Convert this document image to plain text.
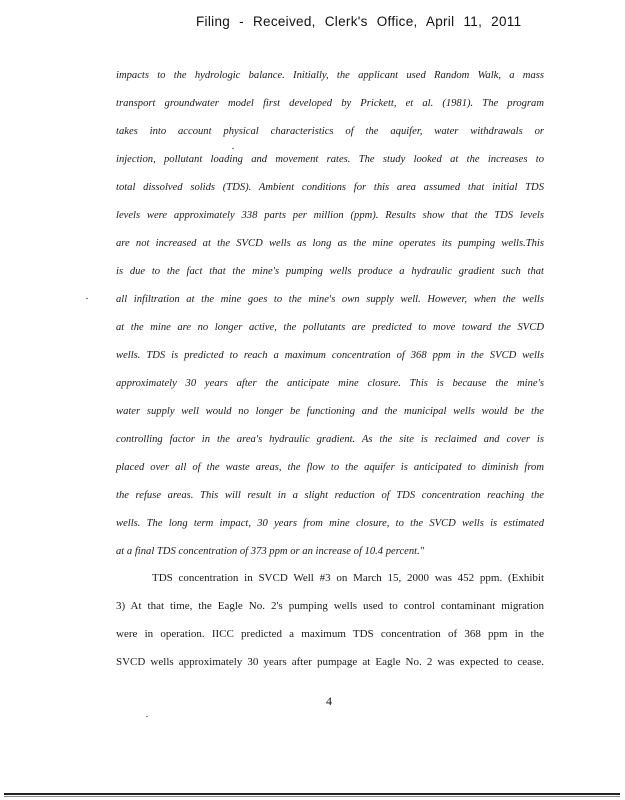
Filing - Received, Clerk's Office, April 11, 2011
impacts to the hydrologic balance. Initially, the applicant used Random Walk, a mass
transport groundwater model first developed by Prickett, et al. (1981). The program
takes into account physical characteristics of the aquifer, water withdrawals or
injection, pollutant loading and movement rates. The study looked at the increases to
total dissolved solids (TDS). Ambient conditions for this area assumed that initial TDS
levels were approximately 338 parts per million (ppm). Results show that the TDS levels
are not increased at the SVCD wells as long as the mine operates its pumping wells.This
is due to the fact that the mine's pumping wells produce a hydraulic gradient such that
all infiltration at the mine goes to the mine's own supply well. However, when the wells
at the mine are no longer active, the pollutants are predicted to move toward the SVCD
wells. TDS is predicted to reach a maximum concentration of 368 ppm in the SVCD wells
approximately 30 years after the anticipate mine closure. This is because the mine's
water supply well would no longer be functioning and the municipal wells would be the
controlling factor in the area's hydraulic gradient. As the site is reclaimed and cover is
placed over all of the waste areas, the flow to the aquifer is anticipated to diminish from
the refuse areas. This will result in a slight reduction of TDS concentration reaching the
wells. The long term impact, 30 years from mine closure, to the SVCD wells is estimated
at a final TDS concentration of 373 ppm or an increase of 10.4 percent."
TDS concentration in SVCD Well #3 on March 15, 2000 was 452 ppm. (Exhibit
3) At that time, the Eagle No. 2's pumping wells used to control contaminant migration
were in operation. IICC predicted a maximum TDS concentration of 368 ppm in the
SVCD wells approximately 30 years after pumpage at Eagle No. 2 was expected to cease.
4
